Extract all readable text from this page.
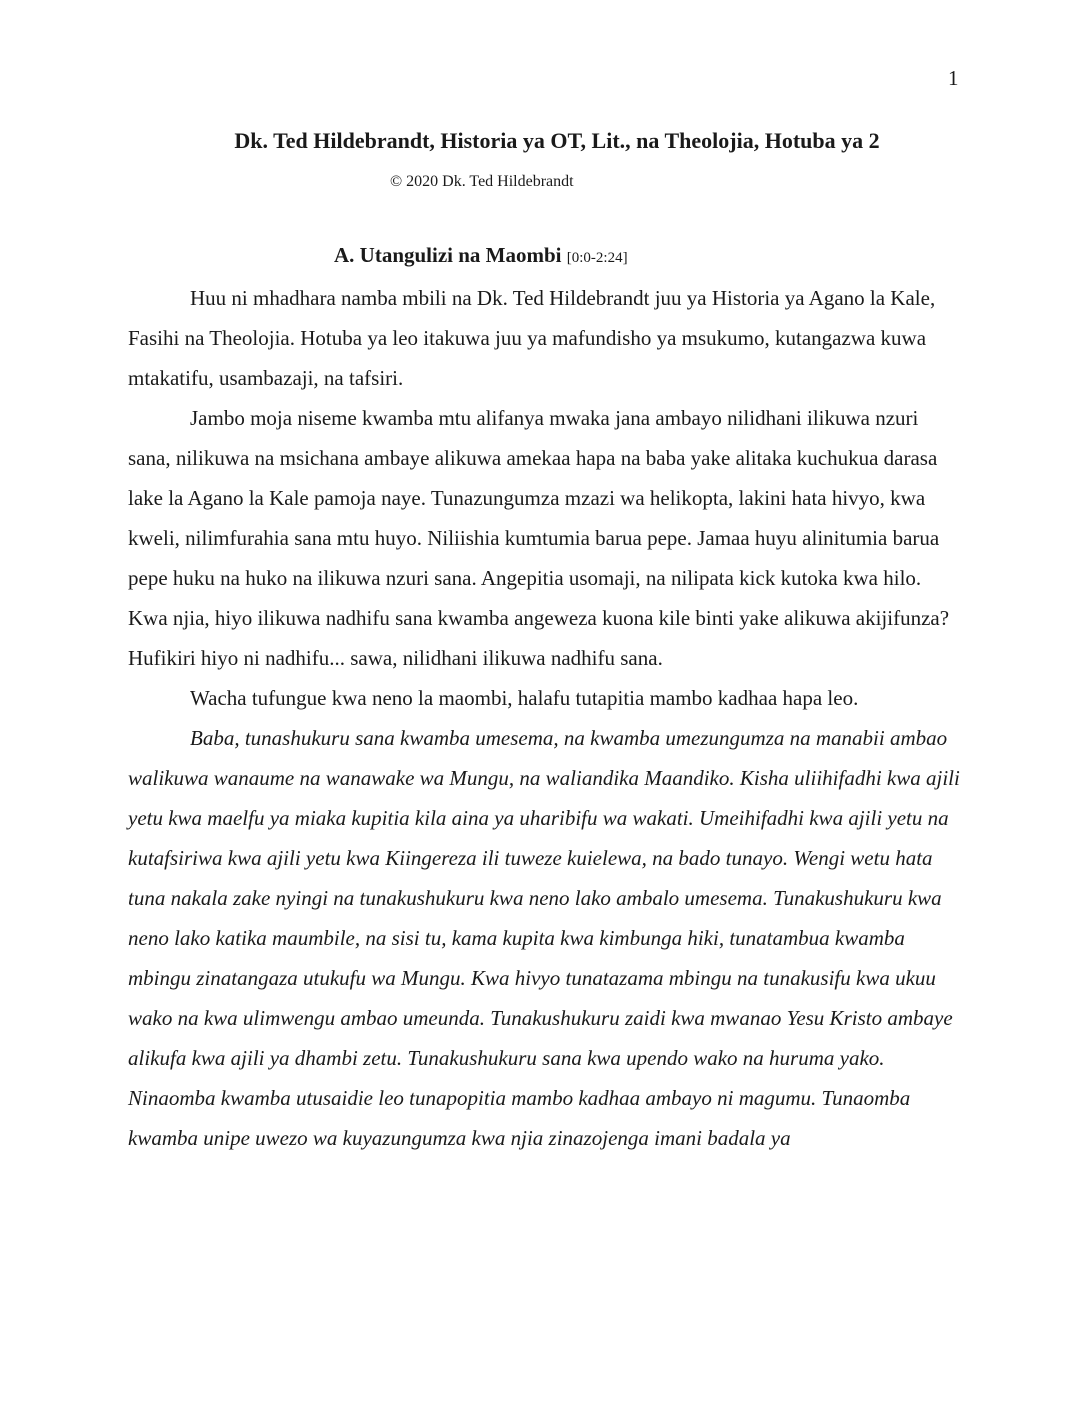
1
Dk. Ted Hildebrandt, Historia ya OT, Lit., na Theolojia, Hotuba ya 2
© 2020 Dk. Ted Hildebrandt
A. Utangulizi na Maombi [0:0-2:24]

Huu ni mhadhara namba mbili na Dk. Ted Hildebrandt juu ya Historia ya Agano la Kale, Fasihi na Theolojia. Hotuba ya leo itakuwa juu ya mafundisho ya msukumo, kutangazwa kuwa mtakatifu, usambazaji, na tafsiri.

Jambo moja niseme kwamba mtu alifanya mwaka jana ambayo nilidhani ilikuwa nzuri sana, nilikuwa na msichana ambaye alikuwa amekaa hapa na baba yake alitaka kuchukua darasa lake la Agano la Kale pamoja naye. Tunazungumza mzazi wa helikopta, lakini hata hivyo, kwa kweli, nilimfurahia sana mtu huyo. Niliishia kumtumia barua pepe. Jamaa huyu alinitumia barua pepe huku na huko na ilikuwa nzuri sana. Angepitia usomaji, na nilipata kick kutoka kwa hilo. Kwa njia, hiyo ilikuwa nadhifu sana kwamba angeweza kuona kile binti yake alikuwa akijifunza? Hufikiri hiyo ni nadhifu... sawa, nilidhani ilikuwa nadhifu sana.

Wacha tufungue kwa neno la maombi, halafu tutapitia mambo kadhaa hapa leo.

Baba, tunashukuru sana kwamba umesema, na kwamba umezungumza na manabii ambao walikuwa wanaume na wanawake wa Mungu, na waliandika Maandiko. Kisha uliihifadhi kwa ajili yetu kwa maelfu ya miaka kupitia kila aina ya uharibifu wa wakati. Umeihifadhi kwa ajili yetu na kutafsiriwa kwa ajili yetu kwa Kiingereza ili tuweze kuielewa, na bado tunayo. Wengi wetu hata tuna nakala zake nyingi na tunakushukuru kwa neno lako ambalo umesema. Tunakushukuru kwa neno lako katika maumbile, na sisi tu, kama kupita kwa kimbunga hiki, tunatambua kwamba mbingu zinatangaza utukufu wa Mungu. Kwa hivyo tunatazama mbingu na tunakusifu kwa ukuu wako na kwa ulimwengu ambao umeunda. Tunakushukuru zaidi kwa mwanao Yesu Kristo ambaye alikufa kwa ajili ya dhambi zetu. Tunakushukuru sana kwa upendo wako na huruma yako. Ninaomba kwamba utusaidie leo tunapopitia mambo kadhaa ambayo ni magumu. Tunaomba kwamba unipe uwezo wa kuyazungumza kwa njia zinazojenga imani badala ya
